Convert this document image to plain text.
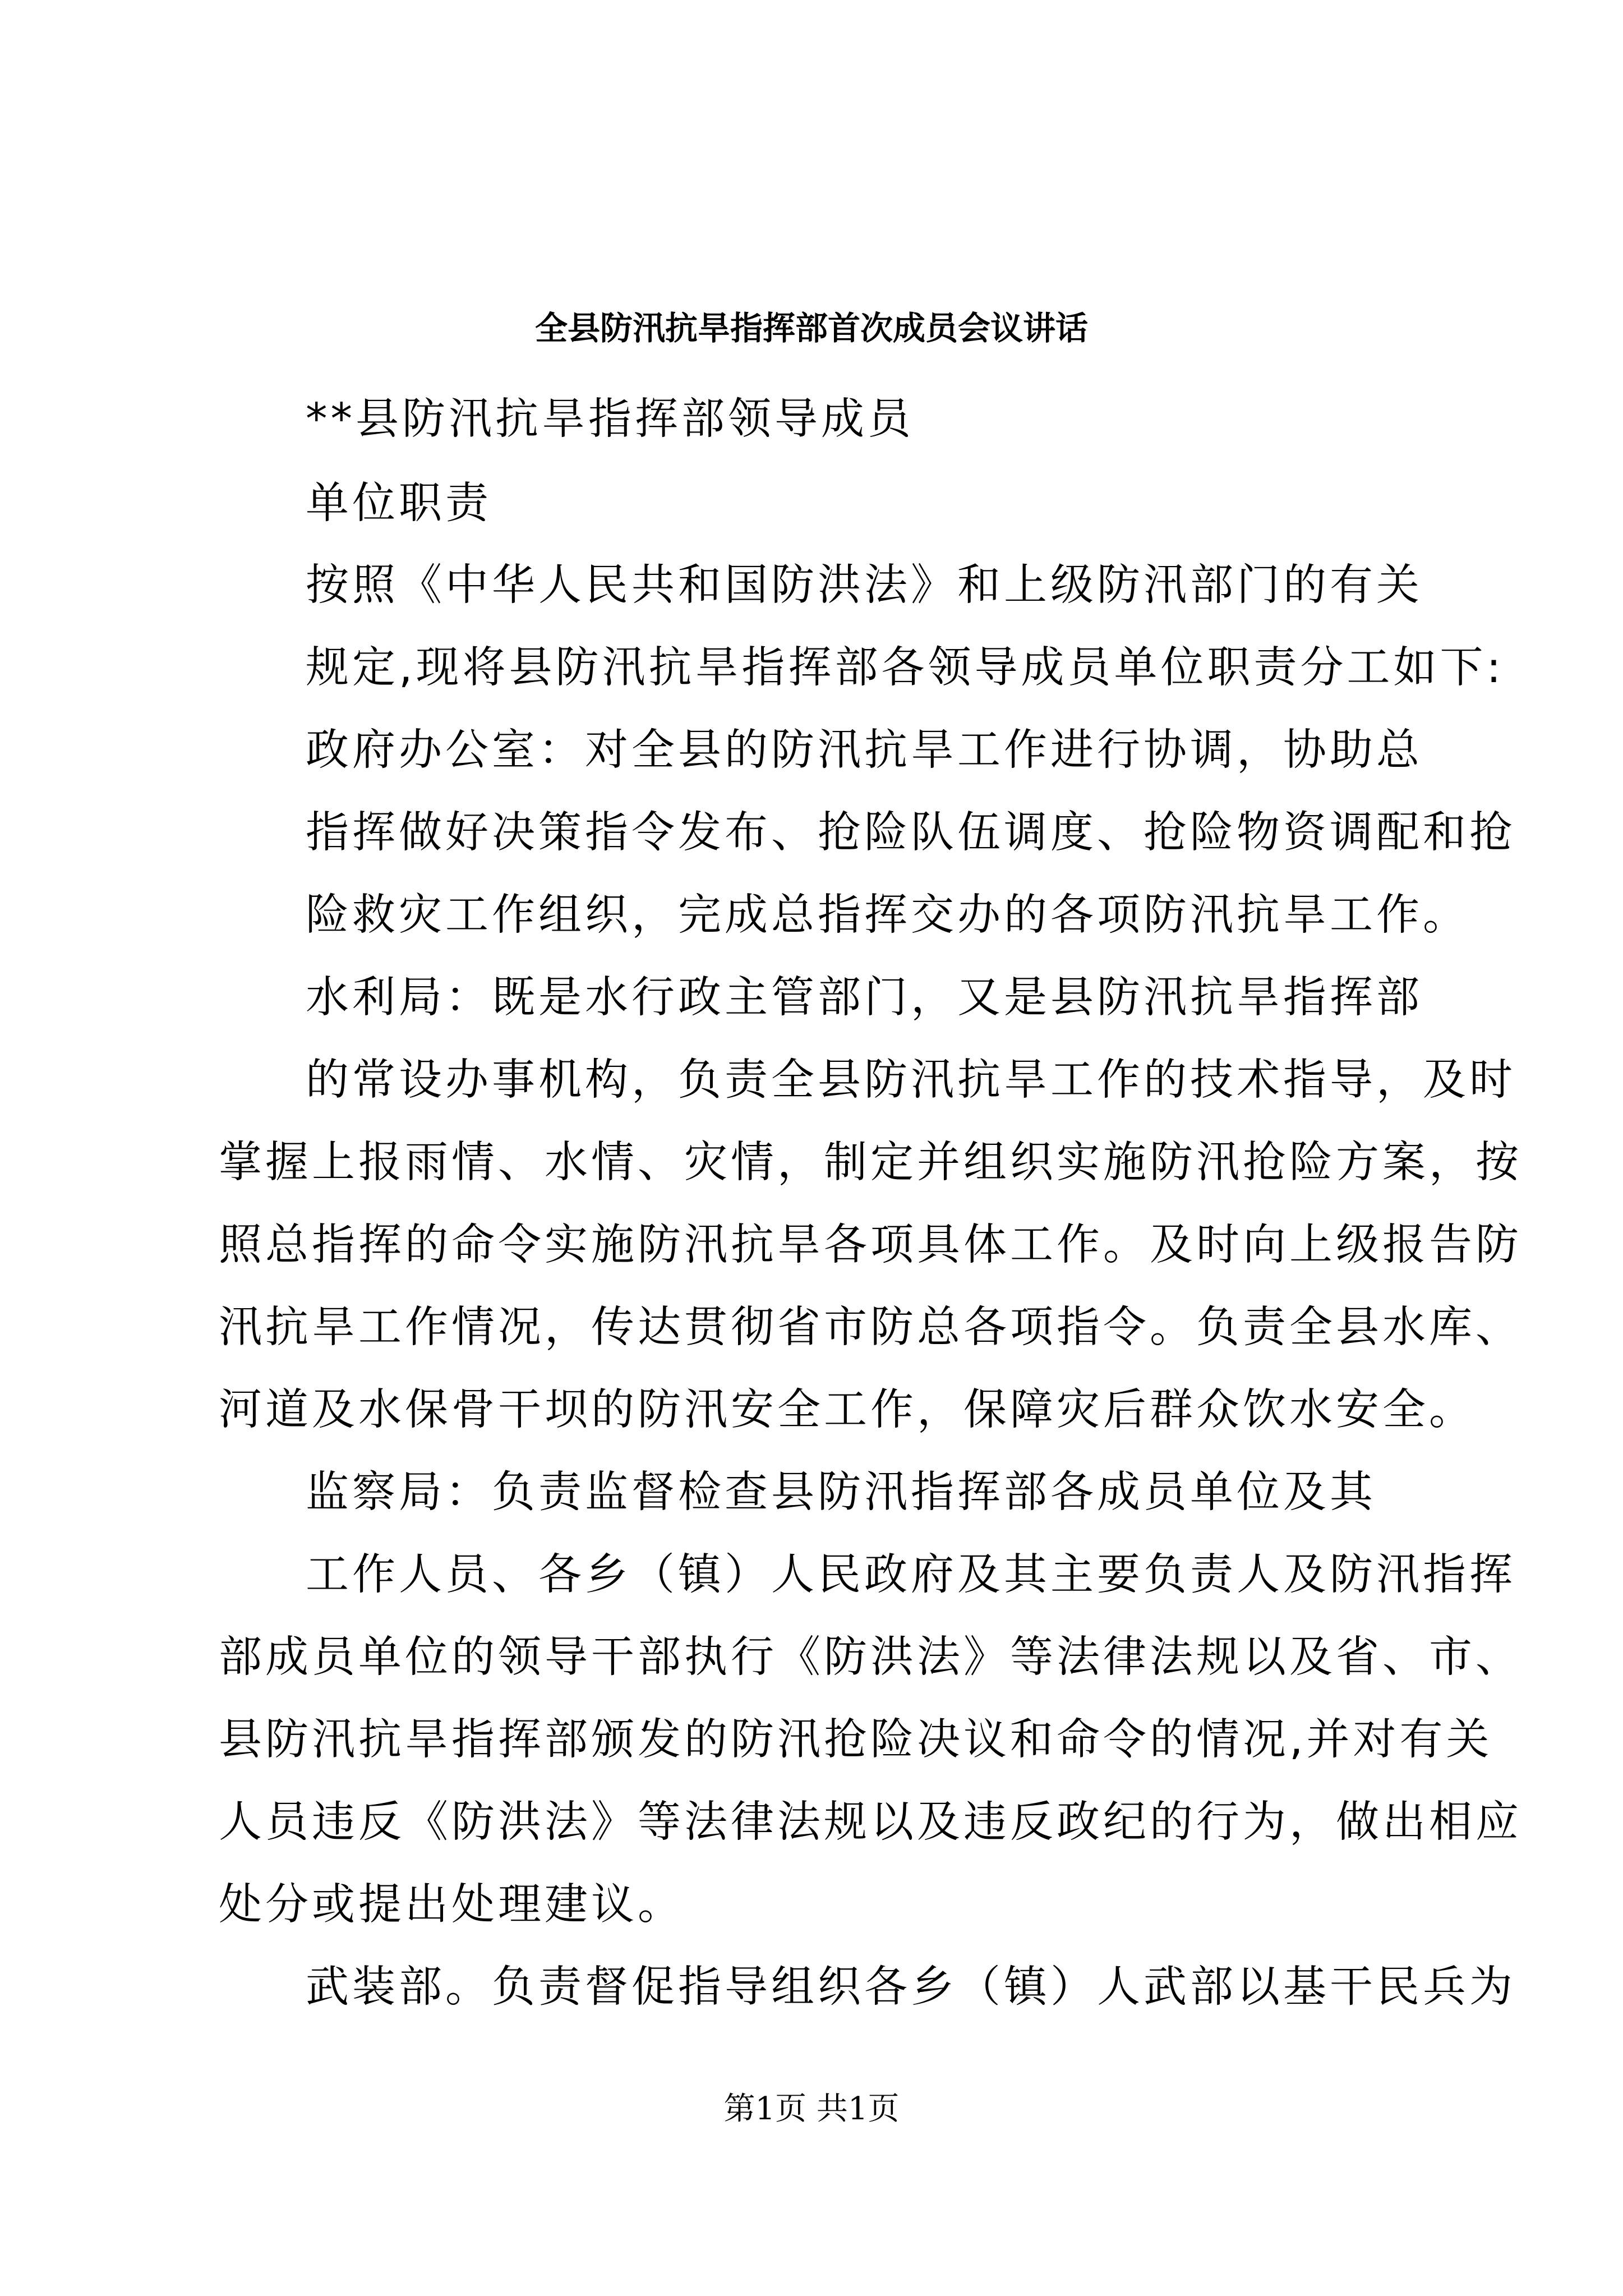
全县防汛抗旱指挥部首次成员会议讲话
**县防汛抗旱指挥部领导成员
单位职责
按照《中华人民共和国防洪法》和上级防汛部门的有关
规定,现将县防汛抗旱指挥部各领导成员单位职责分工如下:
政府办公室：对全县的防汛抗旱工作进行协调，协助总
指挥做好决策指令发布、抢险队伍调度、抢险物资调配和抢
险救灾工作组织，完成总指挥交办的各项防汛抗旱工作。
水利局：既是水行政主管部门，又是县防汛抗旱指挥部
的常设办事机构，负责全县防汛抗旱工作的技术指导，及时
掌握上报雨情、水情、灾情，制定并组织实施防汛抢险方案，按
照总指挥的命令实施防汛抗旱各项具体工作。及时向上级报告防
汛抗旱工作情况，传达贯彻省市防总各项指令。负责全县水库、
河道及水保骨干坝的防汛安全工作，保障灾后群众饮水安全。
监察局：负责监督检查县防汛指挥部各成员单位及其
工作人员、各乡（镇）人民政府及其主要负责人及防汛指挥
部成员单位的领导干部执行《防洪法》等法律法规以及省、市、
县防汛抗旱指挥部颁发的防汛抢险决议和命令的情况,并对有关
人员违反《防洪法》等法律法规以及违反政纪的行为，做出相应
处分或提出处理建议。
武装部。负责督促指导组织各乡（镇）人武部以基干民兵为
第1页 共1页
